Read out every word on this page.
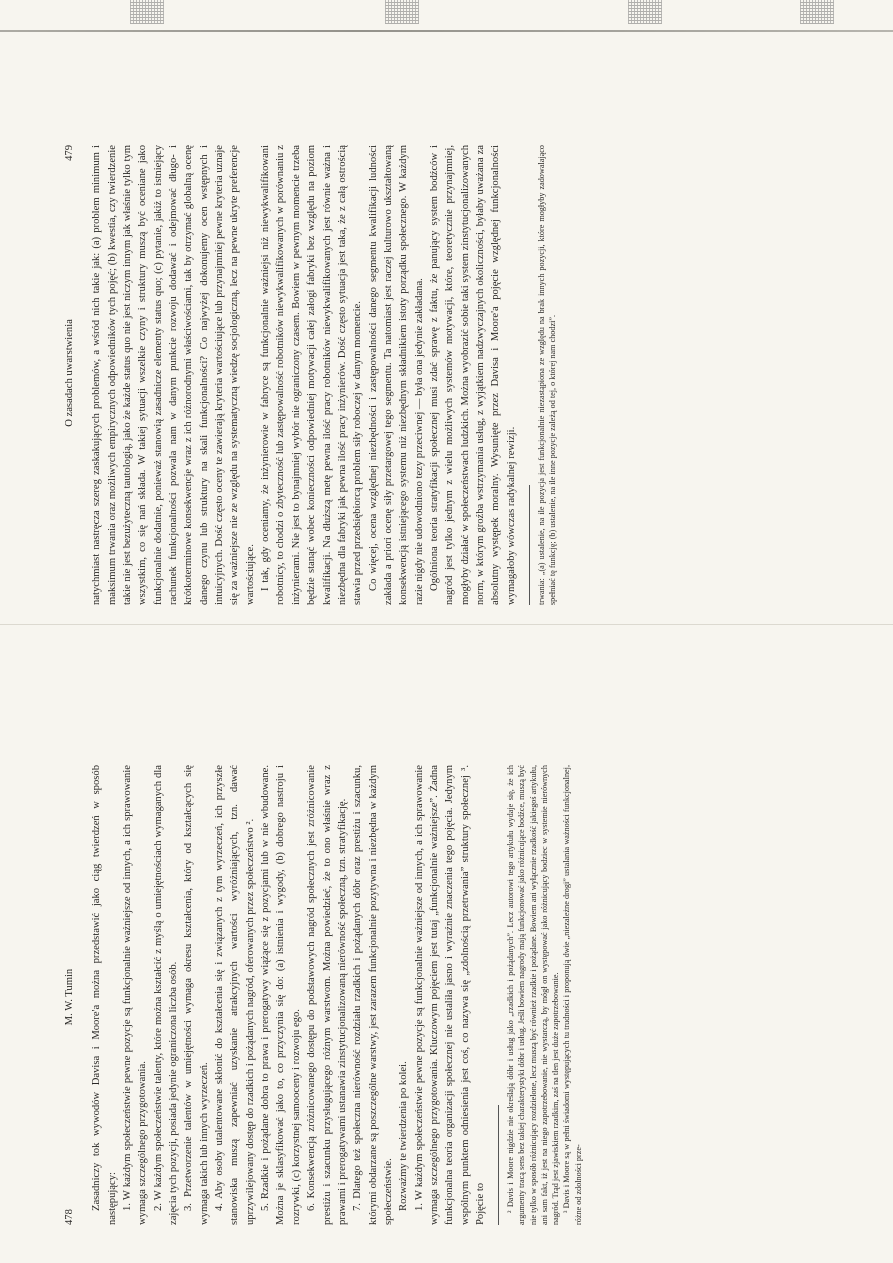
478
M. W. Tumin Zasadniczy tok wywodów Davisa i Moore'a można przedstawić jako ciąg twierdzeń w sposób następujący: 1. W każdym społeczeństwie pewne pozycje są funkcjonalnie ważniejsze od innych, a ich sprawowanie wymaga szczególnego przygotowania. 2. W każdym społeczeństwie talenty, które można kształcić z myślą o umiejętnościach wymaganych dla zajęcia tych pozycji, posiada jedynie ograniczona liczba osób. 3. Przetworzenie talentów w umiejętności wymaga okresu kształcenia, który od kształcących się wymaga takich lub innych wyrzeczeń. 4. Aby osoby utalentowane skłonić do kształcenia się i związanych z tym wyrzeczeń, ich przyszłe stanowiska muszą zapewniać uzyskanie atrakcyjnych wartości wyróżniających, tzn. dawać uprzywilejowany dostęp do rzadkich i pożądanych nagród, oferowanych przez społeczeństwo ². 5. Rzadkie i pożądane dobra to prawa i prerogatywy wiążące się z pozycjami lub w nie wbudowane. Można je sklasyfikować jako to, co przyczynia się do: (a) istnienia i wygody, (b) dobrego nastroju i rozrywki, (c) korzystnej samooceny i rozwoju ego. 6. Konsekwencją zróżnicowanego dostępu do podstawowych nagród społecznych jest zróżnicowanie prestiżu i szacunku przysługującego różnym warstwom. Można powiedzieć, że to ono właśnie wraz z prawami i prerogatywami ustanawia zinstytucjonalizowaną nierówność społeczną, tzn. stratyfikację. 7. Dlatego też społeczna nierówność rozdziału rzadkich i pożądanych dóbr oraz prestiżu i szacunku, którymi obdarzane są poszczególne warstwy, jest zarazem funkcjonalnie pozytywna i niezbędna w każdym społeczeństwie. Rozważmy te twierdzenia po kolei. 1. W każdym społeczeństwie pewne pozycje są funkcjonalnie ważniejsze od innych, a ich sprawowanie wymaga szczególnego przygotowania. Kluczowym pojęciem jest tutaj „funkcjonalnie ważniejsze”. Żadna funkcjonalna teoria organizacji społecznej nie ustaliła jasno i wyraźnie znaczenia tego pojęcia. Jedynym wspólnym punktem odniesienia jest coś, co nazywa się „zdolnością przetrwania” struktury społecznej ³. Pojęcie to ² Davis i Moore nigdzie nie określają dóbr i usług jako „rzadkich i pożądanych”. Lecz autorowi tego artykułu wydaje się, że ich argumenty tracą sens bez takiej charakterystyki dóbr i usług. Jeśli bowiem nagrody mają funkcjonować jako różnicujące bodźce, muszą być nie tylko w sposób różnicujący rozdzielone, lecz muszą być również rzadkie i pożądane. Bowiem ani wyłącznie rzadkość jakiegoś artykułu, ani sam fakt, iż jest na niego zapotrzebowanie, nie wystarczą, by mógł on występować jako różnicujący bodziec w systemie nierównych nagród. Trąd jest zjawiskiem rzadkim, zaś na tlen jest duże zapotrzebowanie. ³ Davis i Moore są w pełni świadomi występujących tu trudności i proponują dwie „niezależne drogi” ustalania ważności funkcjonalnej, różne od zdolności prze-

O zasadach uwarstwienia
479 natychmiast nastręcza szereg zaskakujących problemów, a wśród nich takie jak: (a) problem minimum i maksimum trwania oraz możliwych empirycznych odpowiedników tych pojęć; (b) kwestia, czy twierdzenie takie nie jest bezużyteczną tautologią, jako że każde status quo nie jest niczym innym jak właśnie tylko tym wszystkim, co się nań składa. W takiej sytuacji wszelkie czyny i struktury muszą być oceniane jako funkcjonalnie dodatnie, ponieważ stanowią zasadnicze elementy status quo; (c) pytanie, jakiż to istniejący rachunek funkcjonalności pozwala nam w danym punkcie rozwoju dodawać i odejmować długo- i krótkoterminowe konsekwencje wraz z ich różnorodnymi właściwościami, tak by otrzymać globalną ocenę danego czynu lub struktury na skali funkcjonalności? Co najwyżej dokonujemy ocen wstępnych i intuicyjnych. Dość często oceny te zawierają kryteria wartościujące lub przynajmniej pewne kryteria uznaje się za ważniejsze nie ze względu na systematyczną wiedzę socjologiczną, lecz na pewne ukryte preferencje wartościujące. I tak, gdy oceniamy, że inżynierowie w fabryce są funkcjonalnie ważniejsi niż niewykwalifikowani robotnicy, to chodzi o zbyteczność lub zastępowalność robotników niewykwalifikowanych w porównaniu z inżynierami. Nie jest to bynajmniej wybór nie ograniczony czasem. Bowiem w pewnym momencie trzeba będzie stanąć wobec konieczności odpowiedniej motywacji całej załogi fabryki bez względu na poziom kwalifikacji. Na dłuższą metę pewna ilość pracy robotników niewykwalifikowanych jest równie ważna i niezbędna dla fabryki jak pewna ilość pracy inżynierów. Dość często sytuacja jest taka, że z całą ostrością stawia przed przedsiębiorcą problem siły roboczej w danym momencie. Co więcej, ocena względnej niezbędności i zastępowalności danego segmentu kwalifikacji ludności zakłada a priori ocenę siły przetargowej tego segmentu. Ta natomiast jest raczej kulturowo ukształtowaną konsekwencją istniejącego systemu niż niezbędnym składnikiem istoty porządku społecznego. W każdym razie nigdy nie udowodniono tezy przeciwnej — była ona jedynie zakładana. Ogólniona teoria stratyfikacji społecznej musi zdać sprawę z faktu, że panujący system bodźców i nagród jest tylko jednym z wielu możliwych systemów motywacji, które, teoretycznie przynajmniej, mogłyby działać w społeczeństwach ludzkich. Można wyobrazić sobie taki system zinstytucjonalizowanych norm, w którym groźba wstrzymania usług, z wyjątkiem nadzwyczajnych okoliczności, byłaby uważana za absolutny występek moralny. Wysunięte przez Davisa i Moore'a pojęcie względnej funkcjonalności wymagałoby wówczas radykalnej rewizji. trwania: „(a) ustalenie, na ile pozycja jest funkcjonalnie niezastąpiona ze względu na brak innych pozycji, które mogłyby zadowalająco spełniać tę funkcję; (b) ustalenie, na ile inne pozycje zależą od tej, o której nam chodzi”.
